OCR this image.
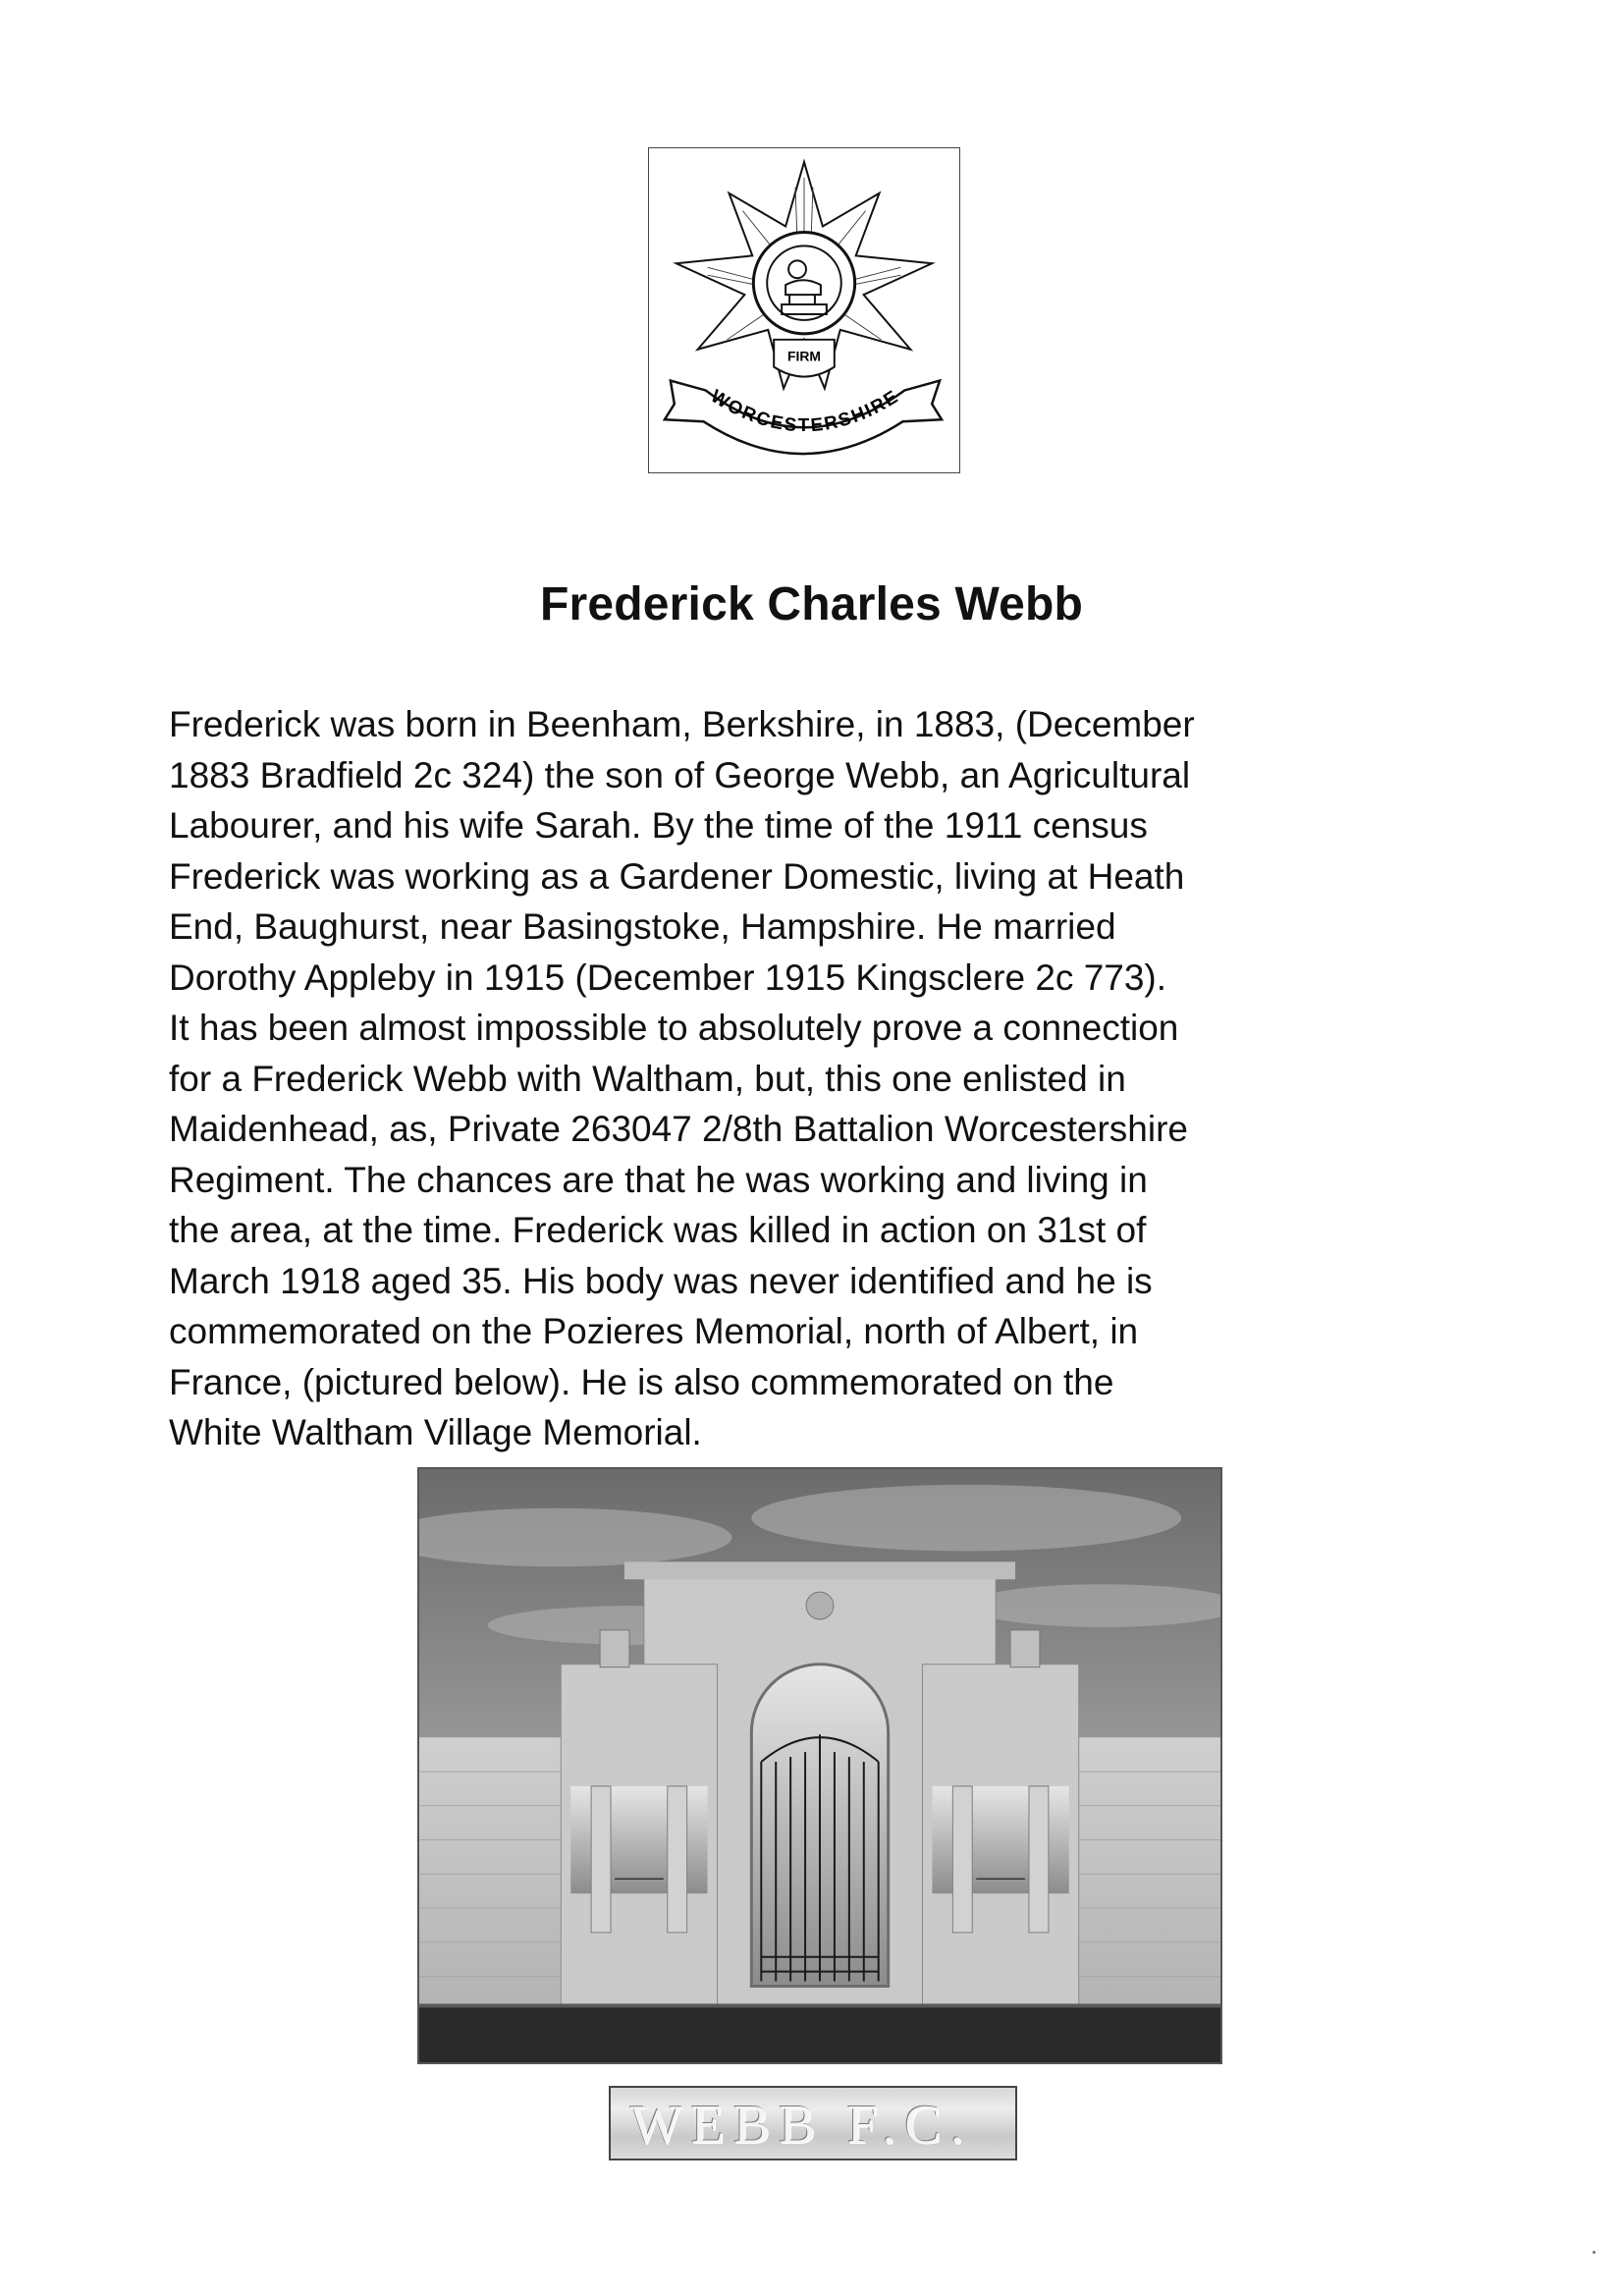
FIRM
WORCESTERSHIRE
Frederick Charles Webb

Frederick was born in Beenham, Berkshire, in 1883, (December

1883 Bradfield 2c 324) the son of George Webb, an Agricultural

Labourer, and his wife Sarah. By the time of the 1911 census

Frederick was working as a Gardener Domestic, living at Heath

End, Baughurst, near Basingstoke, Hampshire. He married

Dorothy Appleby in 1915 (December 1915 Kingsclere 2c 773).

It has been almost impossible to absolutely prove a connection

for a Frederick Webb with Waltham, but, this one enlisted in

Maidenhead, as, Private 263047 2/8th Battalion Worcestershire

Regiment. The chances are that he was working and living in

the area, at the time. Frederick was killed in action on 31st of

March 1918 aged 35. His body was never identified and he is

commemorated on the Pozieres Memorial, north of Albert, in

France, (pictured below). He is also commemorated on the

White Waltham Village Memorial.

WEBB F.C.
